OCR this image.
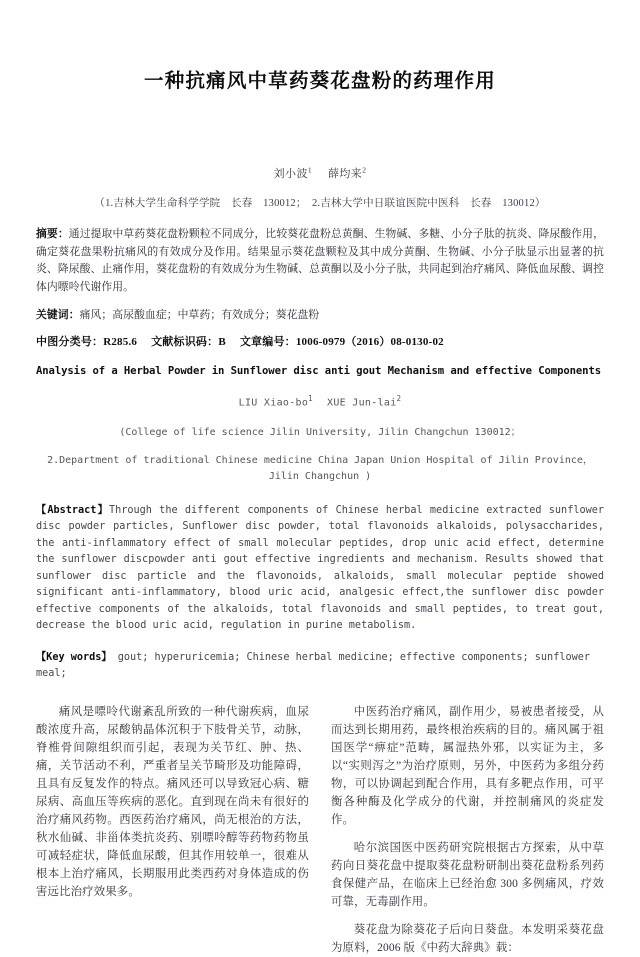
一种抗痛风中草药葵花盘粉的药理作用
刘小波$^1$ 薛均来$^2$
（1.吉林大学生命科学学院　长春　130012；　2.吉林大学中日联谊医院中医科　长春　130012）
摘要：通过提取中草药葵花盘粉颗粒不同成分，比较葵花盘粉总黄酮、生物碱、多糖、小分子肽的抗炎、降尿酸作用，确定葵花盘果粉抗痛风的有效成分及作用。结果显示葵花盘颗粒及其中成分黄酮、生物碱、小分子肽显示出显著的抗炎、降尿酸、止痛作用，葵花盘粉的有效成分为生物碱、总黄酮以及小分子肽，共同起到治疗痛风、降低血尿酸、调控体内嘌呤代谢作用。
关键词：痛风；高尿酸血症；中草药；有效成分；葵花盘粉
中图分类号：R285.6 文献标识码：B 文章编号：1006-0979（2016）08-0130-02
Analysis of a Herbal Powder in Sunflower disc anti gout Mechanism and effective Components
LIU Xiao-$bo^1$ XUE Jun-lai$^2$
(College of life science Jilin University, Jilin Changchun 130012；
2.Department of traditional Chinese medicine China Japan Union Hospital of Jilin Province，
Jilin Changchun )
【Abstract】Through the different components of Chinese herbal medicine extracted sunflower disc powder particles, Sunflower disc powder, total flavonoids alkaloids, polysaccharides, the anti-inflammatory effect of small molecular peptides, drop unic acid effect, determine the sunflower discpowder anti gout effective ingredients and mechanism. Results showed that sunflower disc particle and the flavonoids, alkaloids, small molecular peptide showed significant anti-inflammatory, blood uric acid, analgesic effect,the sunflower disc powder effective components of the alkaloids, total flavonoids and small peptides, to treat gout, decrease the blood uric acid, regulation in purine metabolism.
【Key words】 gout; hyperuricemia; Chinese herbal medicine; effective components; sunflower meal;

痛风是嘌呤代谢紊乱所致的一种代谢疾病，血尿酸浓度升高，尿酸钠晶体沉积于下肢骨关节，动脉，脊椎骨间隙组织而引起，表现为关节红、肿、热、痛，关节活动不利，严重者呈关节畸形及功能障碍，且具有反复发作的特点。痛风还可以导致冠心病、糖尿病、高血压等疾病的恶化。直到现在尚未有很好的治疗痛风药物。西医药治疗痛风，尚无根治的方法，秋水仙碱、非甾体类抗炎药、别嘌呤醇等药物药物虽可减轻症状，降低血尿酸，但其作用较单一，很难从根本上治疗痛风，长期服用此类西药对身体造成的伤害远比治疗效果多。

中医药治疗痛风，副作用少，易被患者接受，从而达到长期用药，最终根治疾病的目的。痛风属于祖国医学“痹症”范畴，属湿热外邪，以实证为主，多以“实则泻之”为治疗原则，另外，中医药为多组分药物，可以协调起到配合作用，具有多靶点作用，可平衡各种酶及化学成分的代谢，并控制痛风的炎症发作。

哈尔滨国医中医药研究院根据古方探索，从中草药向日葵花盘中提取葵花盘粉研制出葵花盘粉系列药食保健产品，在临床上已经治愈 300 多例痛风，疗效可靠，无毒副作用。

葵花盘为除葵花子后向日葵盘。本发明采葵花盘为原料，2006 版《中药大辞典》载：
